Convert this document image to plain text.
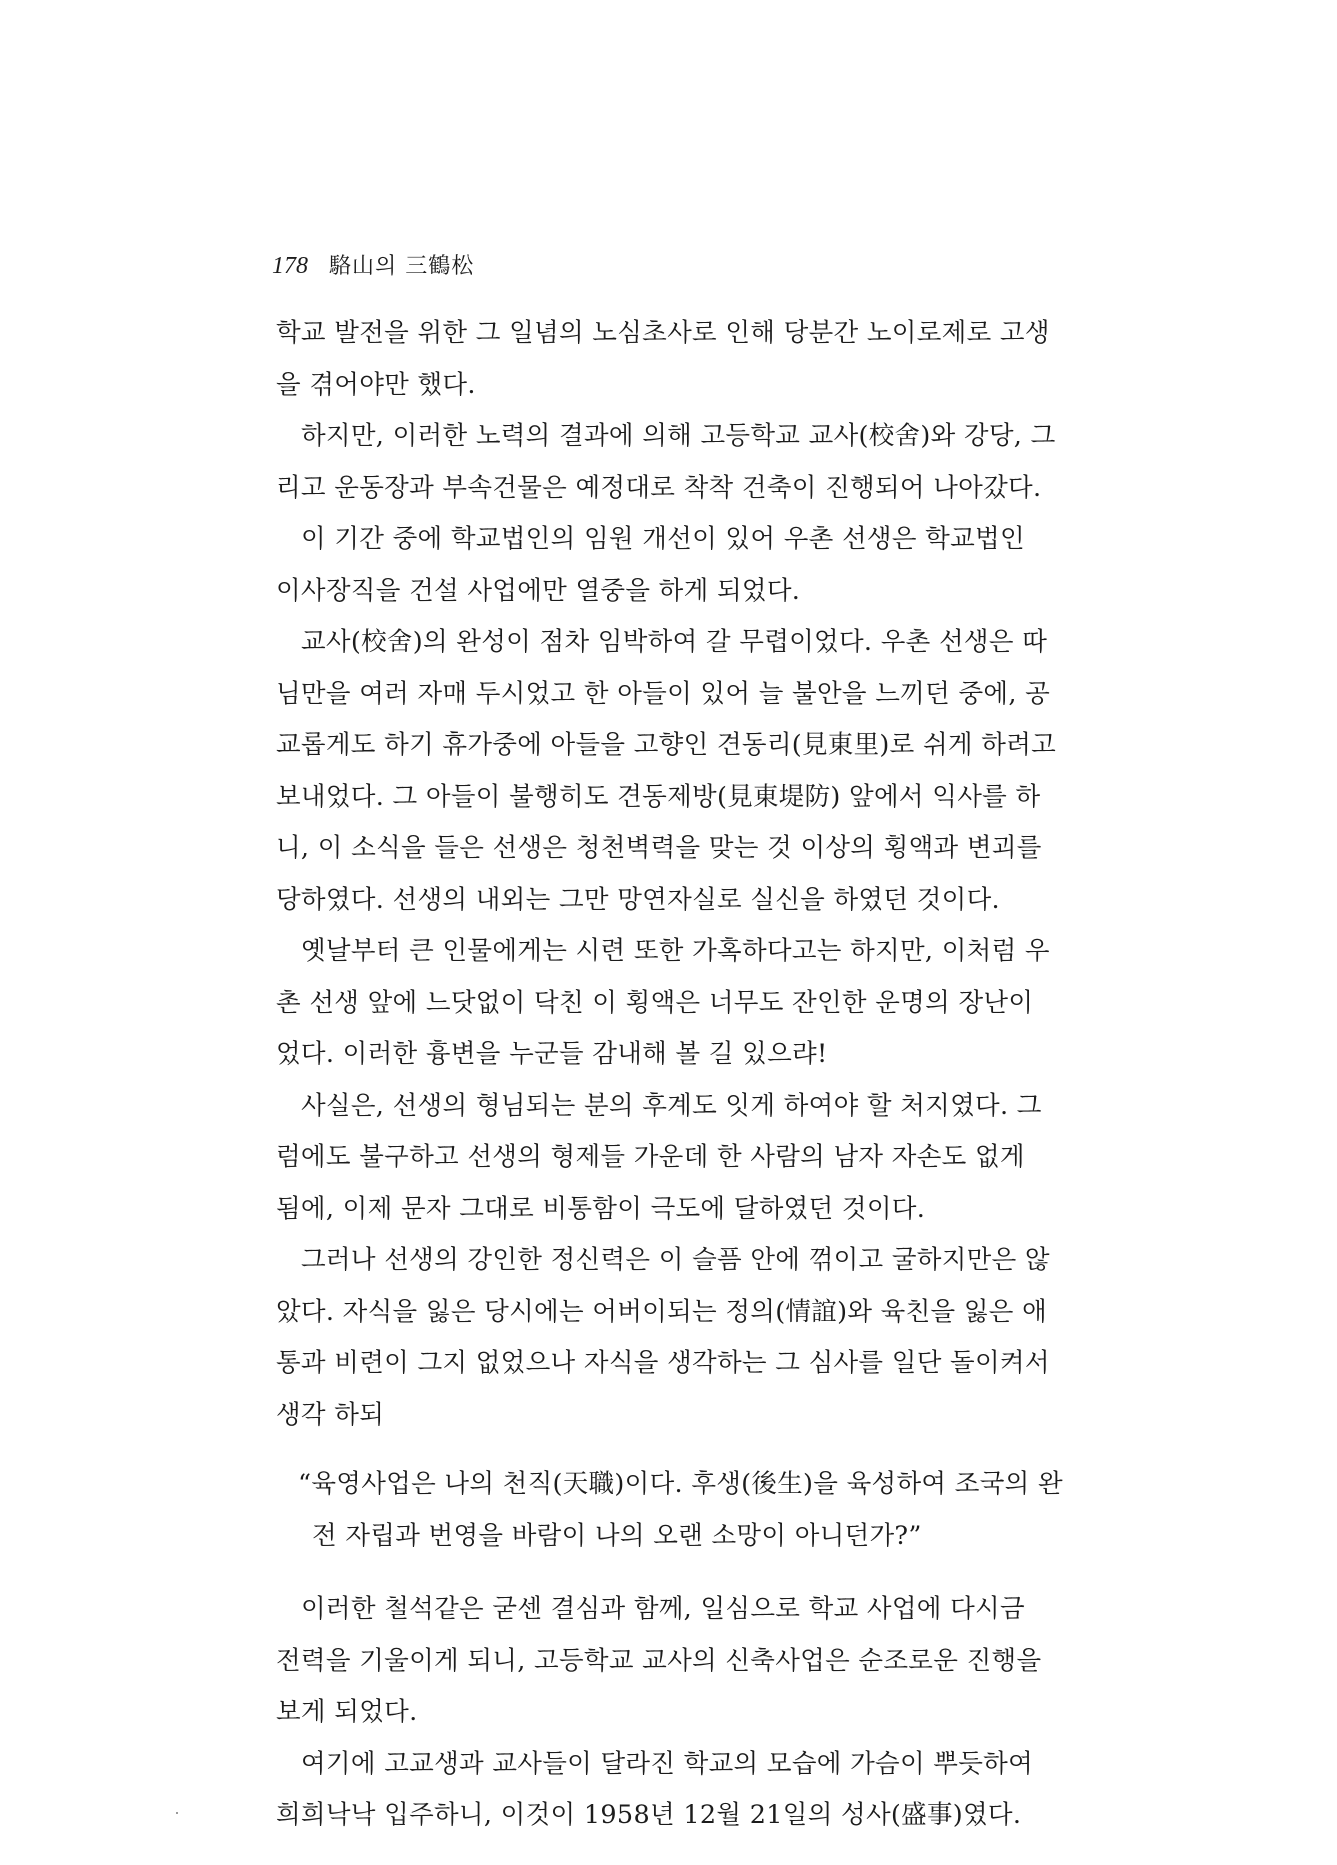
178 駱山의 三鶴松
학교 발전을 위한 그 일념의 노심초사로 인해 당분간 노이로제로 고생
을 겪어야만 했다.
하지만, 이러한 노력의 결과에 의해 고등학교 교사(校舍)와 강당, 그
리고 운동장과 부속건물은 예정대로 착착 건축이 진행되어 나아갔다.
이 기간 중에 학교법인의 임원 개선이 있어 우촌 선생은 학교법인
이사장직을 건설 사업에만 열중을 하게 되었다.
교사(校舍)의 완성이 점차 임박하여 갈 무렵이었다. 우촌 선생은 따
님만을 여러 자매 두시었고 한 아들이 있어 늘 불안을 느끼던 중에, 공
교롭게도 하기 휴가중에 아들을 고향인 견동리(見東里)로 쉬게 하려고
보내었다. 그 아들이 불행히도 견동제방(見東堤防) 앞에서 익사를 하
니, 이 소식을 들은 선생은 청천벽력을 맞는 것 이상의 횡액과 변괴를
당하였다. 선생의 내외는 그만 망연자실로 실신을 하였던 것이다.
옛날부터 큰 인물에게는 시련 또한 가혹하다고는 하지만, 이처럼 우
촌 선생 앞에 느닷없이 닥친 이 횡액은 너무도 잔인한 운명의 장난이
었다. 이러한 흉변을 누군들 감내해 볼 길 있으랴!
사실은, 선생의 형님되는 분의 후계도 잇게 하여야 할 처지였다. 그
럼에도 불구하고 선생의 형제들 가운데 한 사람의 남자 자손도 없게
됨에, 이제 문자 그대로 비통함이 극도에 달하였던 것이다.
그러나 선생의 강인한 정신력은 이 슬픔 안에 꺾이고 굴하지만은 않
았다. 자식을 잃은 당시에는 어버이되는 정의(情誼)와 육친을 잃은 애
통과 비련이 그지 없었으나 자식을 생각하는 그 심사를 일단 돌이켜서
생각 하되
“육영사업은 나의 천직(天職)이다. 후생(後生)을 육성하여 조국의 완
전 자립과 번영을 바람이 나의 오랜 소망이 아니던가?”
이러한 철석같은 굳센 결심과 함께, 일심으로 학교 사업에 다시금
전력을 기울이게 되니, 고등학교 교사의 신축사업은 순조로운 진행을
보게 되었다.
여기에 고교생과 교사들이 달라진 학교의 모습에 가슴이 뿌듯하여
희희낙낙 입주하니, 이것이 1958년 12월 21일의 성사(盛事)였다.
